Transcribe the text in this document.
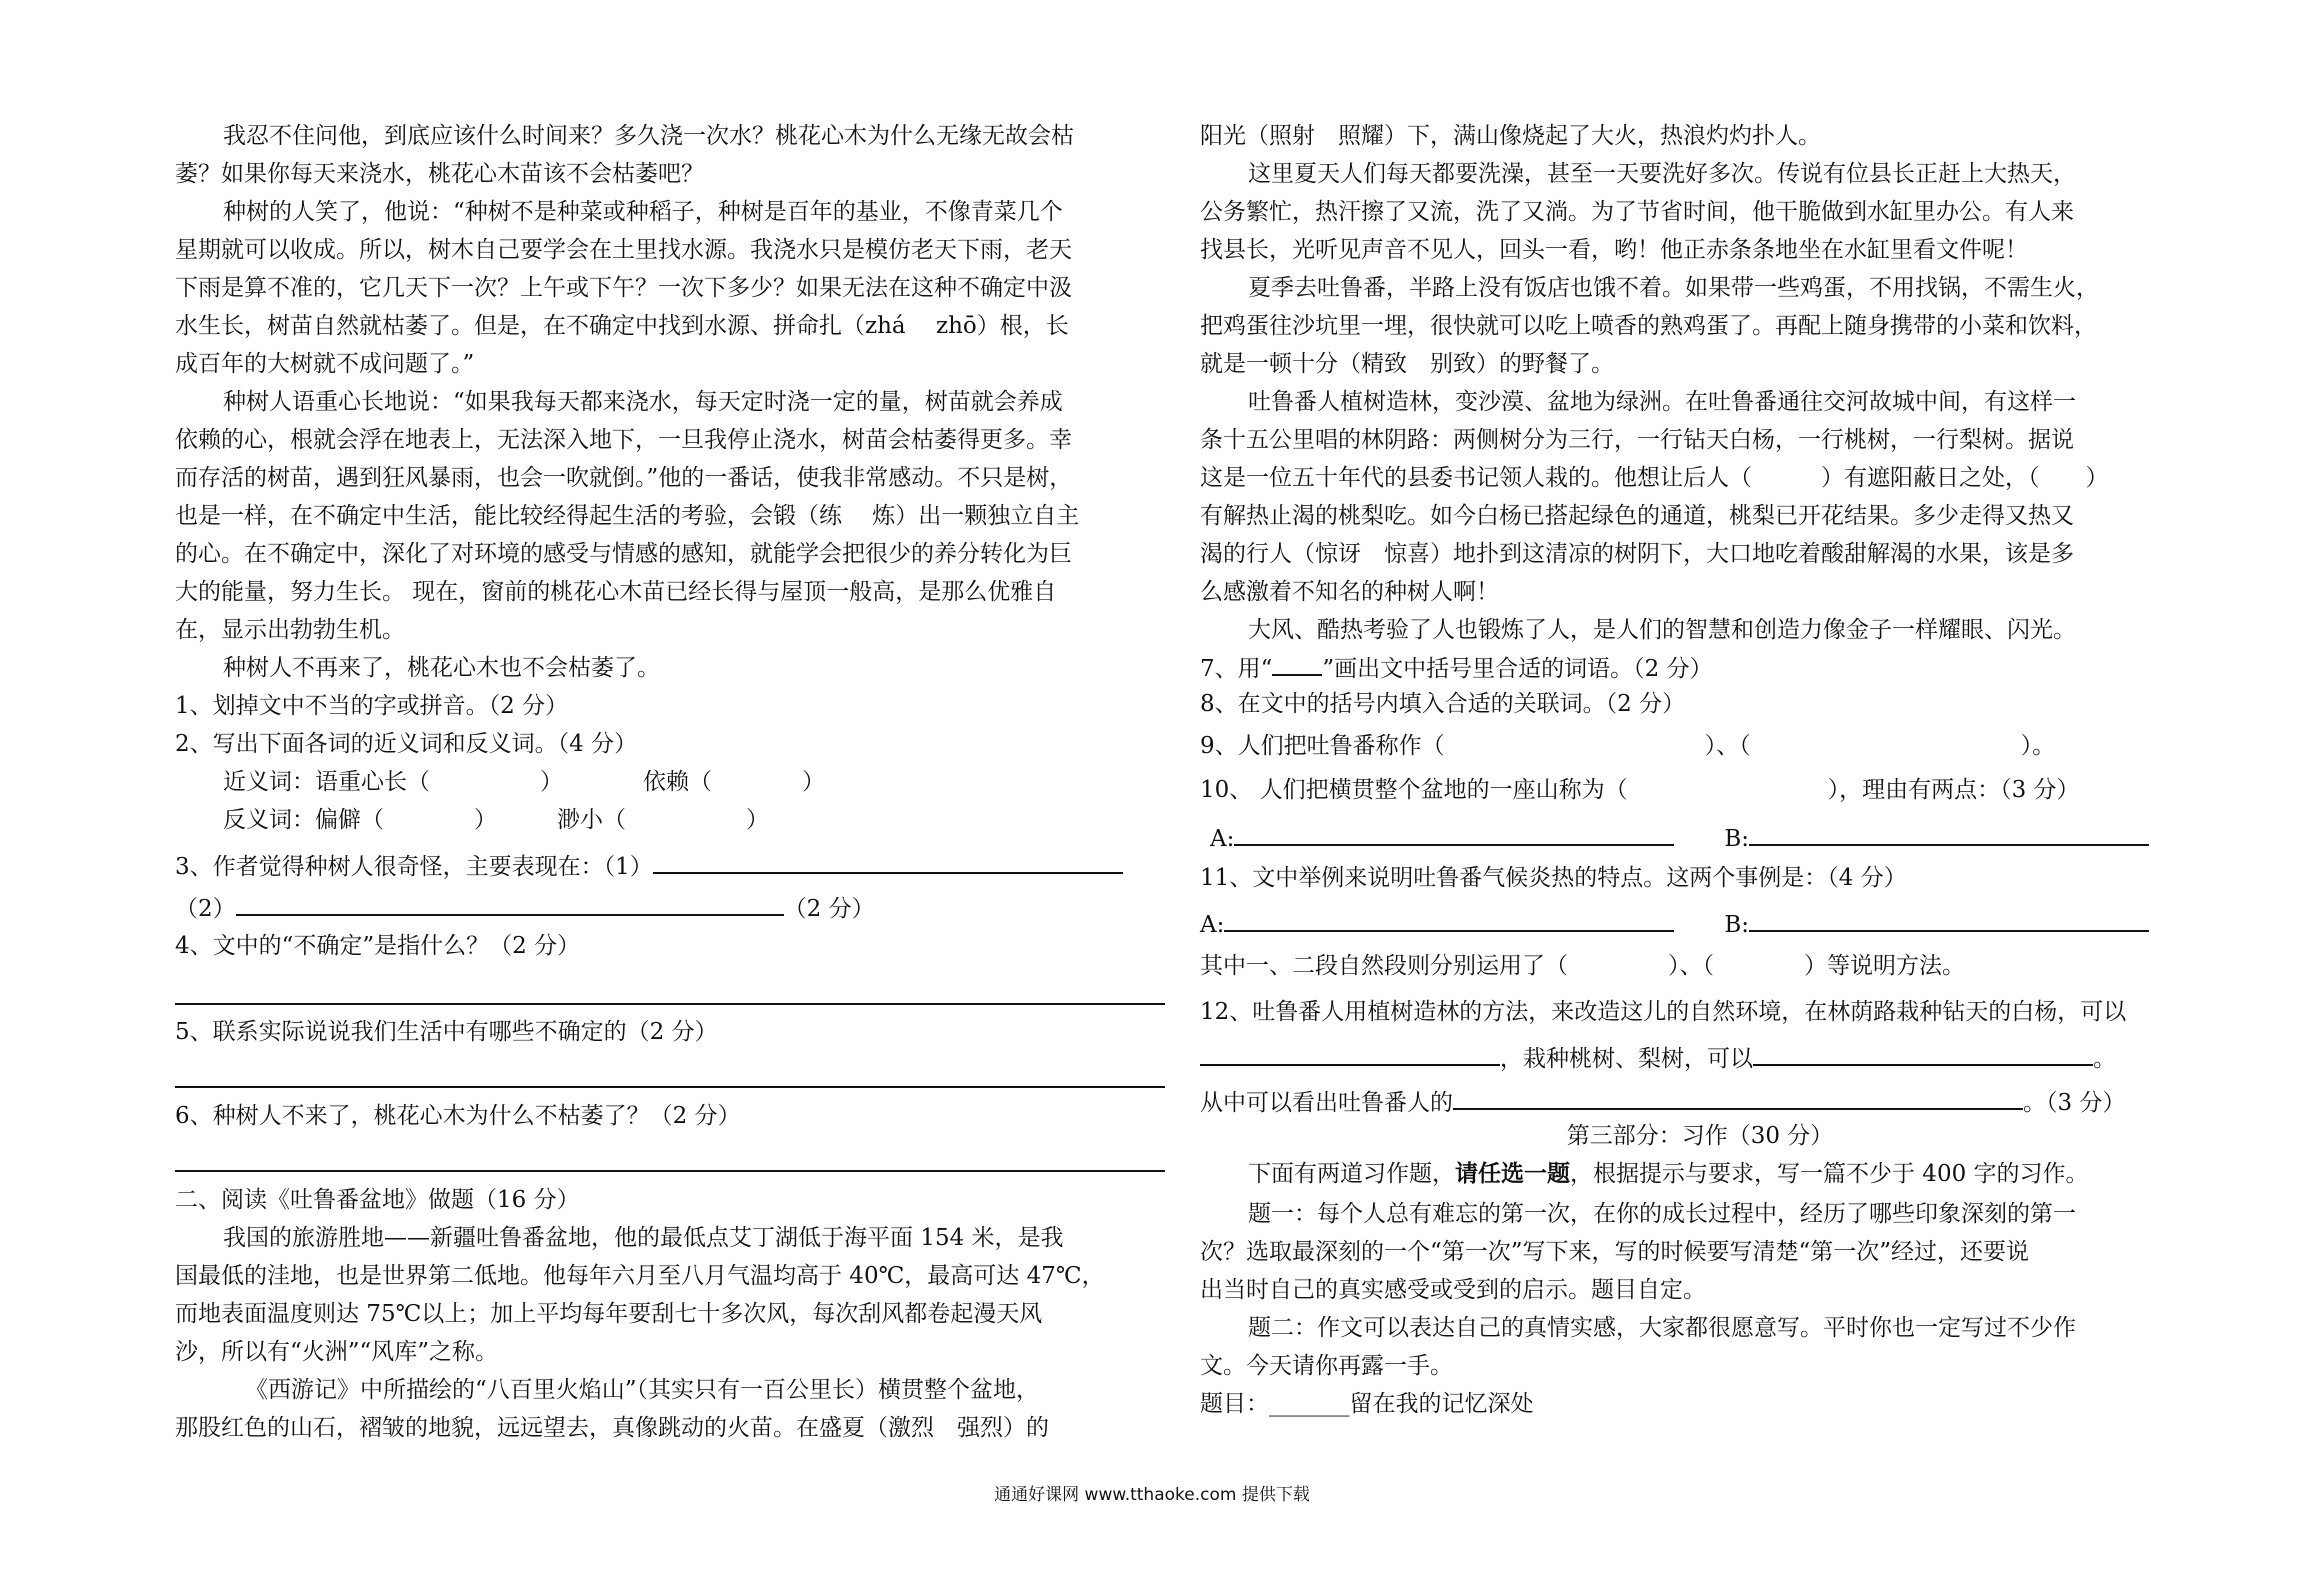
我忍不住问他，到底应该什么时间来？多久浇一次水？桃花心木为什么无缘无故会枯
萎？如果你每天来浇水，桃花心木苗该不会枯萎吧？
种树的人笑了，他说：“种树不是种菜或种稻子，种树是百年的基业，不像青菜几个
星期就可以收成。所以，树木自己要学会在土里找水源。我浇水只是模仿老天下雨，老天
下雨是算不准的，它几天下一次？上午或下午？一次下多少？如果无法在这种不确定中汲
水生长，树苗自然就枯萎了。但是，在不确定中找到水源、拼命扎（zhá　 zhō）根，长
成百年的大树就不成问题了。”
种树人语重心长地说：“如果我每天都来浇水，每天定时浇一定的量，树苗就会养成
依赖的心，根就会浮在地表上，无法深入地下，一旦我停止浇水，树苗会枯萎得更多。幸
而存活的树苗，遇到狂风暴雨，也会一吹就倒。”他的一番话，使我非常感动。不只是树，
也是一样，在不确定中生活，能比较经得起生活的考验，会锻（练　 炼）出一颗独立自主
的心。在不确定中，深化了对环境的感受与情感的感知，就能学会把很少的养分转化为巨
大的能量，努力生长。 现在，窗前的桃花心木苗已经长得与屋顶一般高，是那么优雅自
在，显示出勃勃生机。
种树人不再来了，桃花心木也不会枯萎了。
1、划掉文中不当的字或拼音。（2 分）
2、写出下面各词的近义词和反义词。（4 分）
近义词：语重心长（	）	依赖（	）
反义词：偏僻（	）	渺小（	）
3、作者觉得种树人很奇怪，主要表现在：（1）
（2）	（2 分）
4、文中的“不确定”是指什么？（2 分）
5、联系实际说说我们生活中有哪些不确定的（2 分）
6、种树人不来了，桃花心木为什么不枯萎了？（2 分）
二、阅读《吐鲁番盆地》做题（16 分）
我国的旅游胜地——新疆吐鲁番盆地，他的最低点艾丁湖低于海平面 154 米，是我
国最低的洼地，也是世界第二低地。他每年六月至八月气温均高于 40℃，最高可达 47℃，
而地表面温度则达 75℃以上；加上平均每年要刮七十多次风，每次刮风都卷起漫天风
沙，所以有“火洲”“风库”之称。
《西游记》中所描绘的“八百里火焰山”（其实只有一百公里长）横贯整个盆地，
那股红色的山石，褶皱的地貌，远远望去，真像跳动的火苗。在盛夏（激烈　强烈）的
阳光（照射　照耀）下，满山像烧起了大火，热浪灼灼扑人。
这里夏天人们每天都要洗澡，甚至一天要洗好多次。传说有位县长正赶上大热天，
公务繁忙，热汗擦了又流，洗了又淌。为了节省时间，他干脆做到水缸里办公。有人来
找县长，光听见声音不见人，回头一看，哟！他正赤条条地坐在水缸里看文件呢！
夏季去吐鲁番，半路上没有饭店也饿不着。如果带一些鸡蛋，不用找锅，不需生火，
把鸡蛋往沙坑里一埋，很快就可以吃上喷香的熟鸡蛋了。再配上随身携带的小菜和饮料，
就是一顿十分（精致　别致）的野餐了。
吐鲁番人植树造林，变沙漠、盆地为绿洲。在吐鲁番通往交河故城中间，有这样一
条十五公里唱的林阴路：两侧树分为三行，一行钻天白杨，一行桃树，一行梨树。据说
这是一位五十年代的县委书记领人栽的。他想让后人（　　　）有遮阳蔽日之处，（　　）
有解热止渴的桃梨吃。如今白杨已搭起绿色的通道，桃梨已开花结果。多少走得又热又
渴的行人（惊讶　惊喜）地扑到这清凉的树阴下，大口地吃着酸甜解渴的水果，该是多
么感激着不知名的种树人啊！
大风、酷热考验了人也锻炼了人，是人们的智慧和创造力像金子一样耀眼、闪光。
7、用“ ”画出文中括号里合适的词语。（2 分）
8、在文中的括号内填入合适的关联词。（2 分）
9、人们把吐鲁番称作（	）、（	）。
10、 人们把横贯整个盆地的一座山称为（	），理由有两点：（3 分）
A:	B:
11、文中举例来说明吐鲁番气候炎热的特点。这两个事例是：（4 分）
A:	B:
其中一、二段自然段则分别运用了（	）、（	）等说明方法。
12、吐鲁番人用植树造林的方法，来改造这儿的自然环境，在林荫路栽种钻天的白杨，可以
，栽种桃树、梨树，可以	。
从中可以看出吐鲁番人的	。（3 分）
第三部分：习作（30 分）
下面有两道习作题，请任选一题，根据提示与要求，写一篇不少于 400 字的习作。
题一：每个人总有难忘的第一次，在你的成长过程中，经历了哪些印象深刻的第一
次？选取最深刻的一个“第一次”写下来，写的时候要写清楚“第一次”经过，还要说
出当时自己的真实感受或受到的启示。题目自定。
题二：作文可以表达自己的真情实感，大家都很愿意写。平时你也一定写过不少作
文。今天请你再露一手。
题目：_______留在我的记忆深处
通通好课网 www.tthaoke.com 提供下载
